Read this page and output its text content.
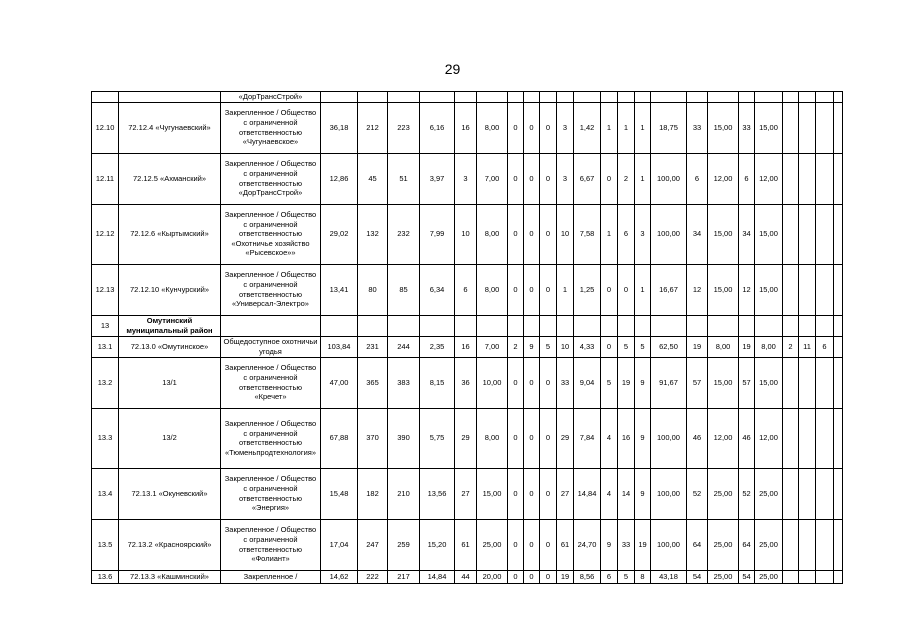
29
		«ДорТрансСтрой»																							
12.10	72.12.4 «Чугунаевский»	Закрепленное / Общество с ограниченной ответственностью «Чугунаевское»	36,18	212	223	6,16	16	8,00	0	0	0	3	1,42	1	1	1	18,75	33	15,00	33	15,00				
12.11	72.12.5 «Ахманский»	Закрепленное / Общество с ограниченной ответственностью «ДорТрансСтрой»	12,86	45	51	3,97	3	7,00	0	0	0	3	6,67	0	2	1	100,00	6	12,00	6	12,00				
12.12	72.12.6 «Кыртымский»	Закрепленное / Общество с ограниченной ответственностью «Охотничье хозяйство «Рысевское»»	29,02	132	232	7,99	10	8,00	0	0	0	10	7,58	1	6	3	100,00	34	15,00	34	15,00				
12.13	72.12.10 «Кунчурский»	Закрепленное / Общество с ограниченной ответственностью «Универсал-Электро»	13,41	80	85	6,34	6	8,00	0	0	0	1	1,25	0	0	1	16,67	12	15,00	12	15,00				
13	Омутинский муниципальный район																								
13.1	72.13.0 «Омутинское»	Общедоступное охотничьи угодья	103,84	231	244	2,35	16	7,00	2	9	5	10	4,33	0	5	5	62,50	19	8,00	19	8,00	2	11	6	
13.2	13/1	Закрепленное / Общество с ограниченной ответственностью «Кречет»	47,00	365	383	8,15	36	10,00	0	0	0	33	9,04	5	19	9	91,67	57	15,00	57	15,00				
13.3	13/2	Закрепленное / Общество с ограниченной ответственностью «Тюменьпродтехнология»	67,88	370	390	5,75	29	8,00	0	0	0	29	7,84	4	16	9	100,00	46	12,00	46	12,00				
13.4	72.13.1 «Окуневский»	Закрепленное / Общество с ограниченной ответственностью «Энергия»	15,48	182	210	13,56	27	15,00	0	0	0	27	14,84	4	14	9	100,00	52	25,00	52	25,00				
13.5	72.13.2 «Красноярский»	Закрепленное / Общество с ограниченной ответственностью «Фолиант»	17,04	247	259	15,20	61	25,00	0	0	0	61	24,70	9	33	19	100,00	64	25,00	64	25,00				
13.6	72.13.3 «Кашминский»	Закрепленное /	14,62	222	217	14,84	44	20,00	0	0	0	19	8,56	6	5	8	43,18	54	25,00	54	25,00				
